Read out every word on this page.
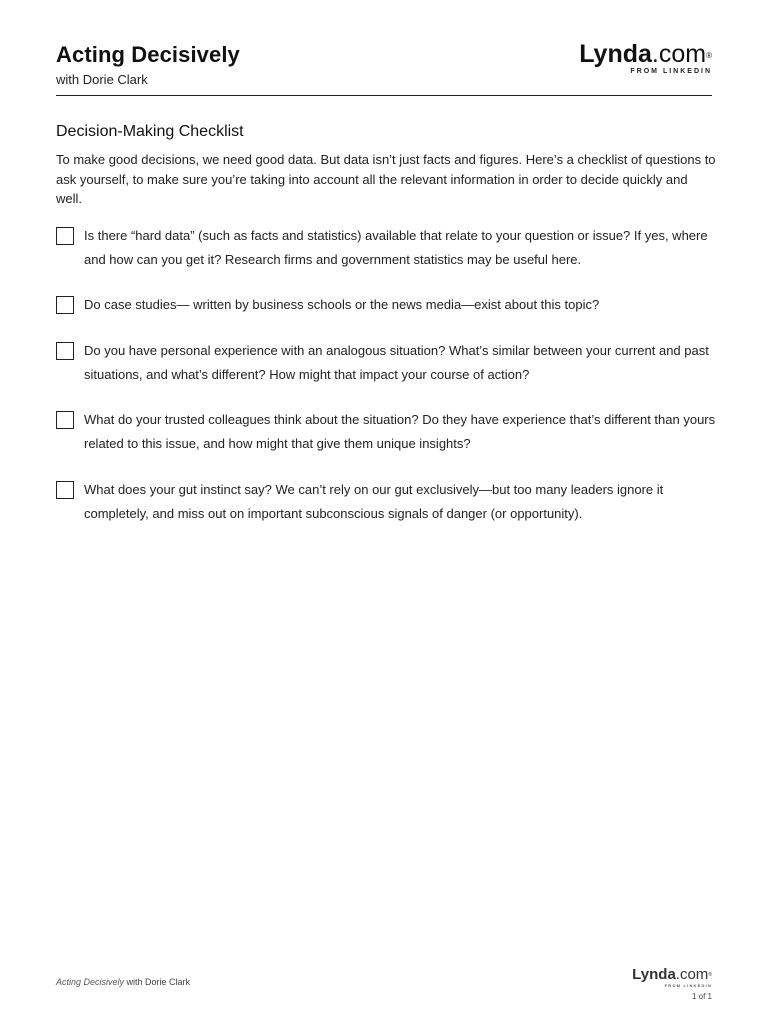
Acting Decisively
with Dorie Clark
Lynda.com®
FROM LINKEDIN
Decision-Making Checklist
To make good decisions, we need good data. But data isn’t just facts and figures. Here’s a checklist of questions to ask yourself, to make sure you’re taking into account all the relevant information in order to decide quickly and well.
Is there “hard data” (such as facts and statistics) available that relate to your question or issue? If yes, where and how can you get it? Research firms and government statistics may be useful here.
Do case studies— written by business schools or the news media—exist about this topic?
Do you have personal experience with an analogous situation? What’s similar between your current and past situations, and what’s different? How might that impact your course of action?
What do your trusted colleagues think about the situation? Do they have experience that’s different than yours related to this issue, and how might that give them unique insights?
What does your gut instinct say? We can’t rely on our gut exclusively—but too many leaders ignore it completely, and miss out on important subconscious signals of danger (or opportunity).
Acting Decisively with Dorie Clark	Lynda.com®
FROM LINKEDIN
1 of 1
